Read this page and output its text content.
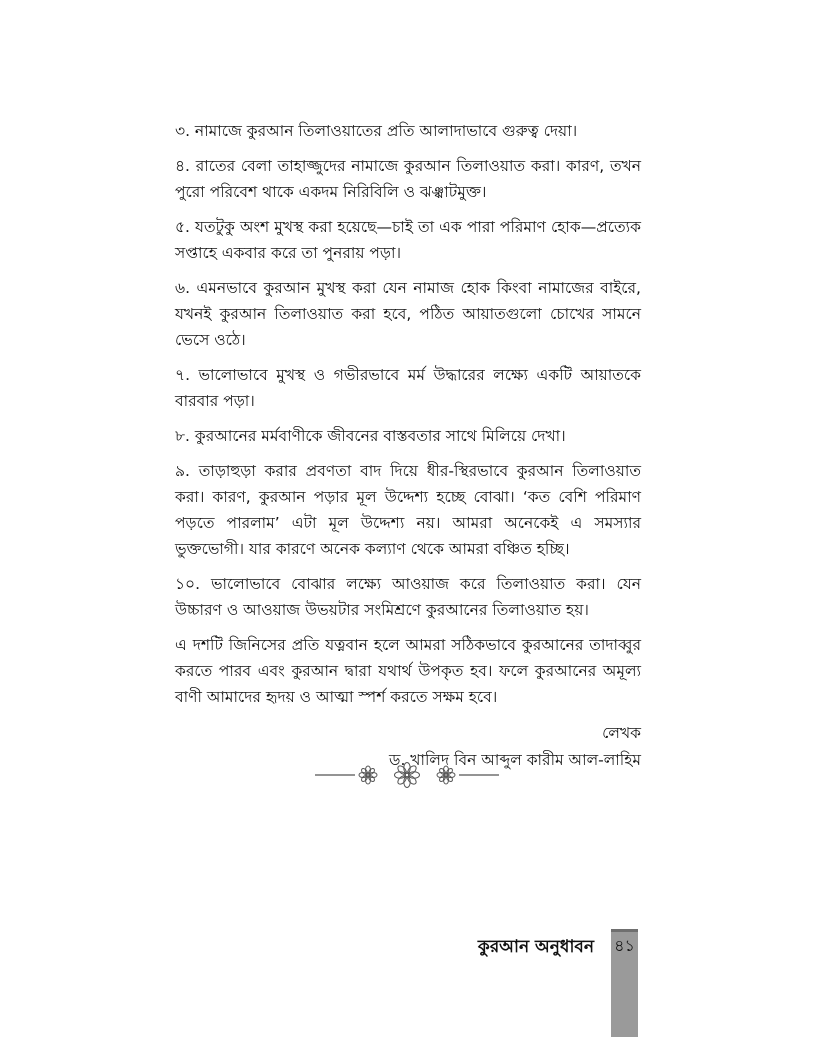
৩. নামাজে কুরআন তিলাওয়াতের প্রতি আলাদাভাবে গুরুত্ব দেয়া।

৪. রাতের বেলা তাহাজ্জুদের নামাজে কুরআন তিলাওয়াত করা। কারণ, তখন পুরো পরিবেশ থাকে একদম নিরিবিলি ও ঝঞ্ঝাটমুক্ত।

৫. যতটুকু অংশ মুখস্থ করা হয়েছে—চাই তা এক পারা পরিমাণ হোক—প্রত্যেক সপ্তাহে একবার করে তা পুনরায় পড়া।

৬. এমনভাবে কুরআন মুখস্থ করা যেন নামাজ হোক কিংবা নামাজের বাইরে, যখনই কুরআন তিলাওয়াত করা হবে, পঠিত আয়াতগুলো চোখের সামনে ভেসে ওঠে।

৭. ভালোভাবে মুখস্থ ও গভীরভাবে মর্ম উদ্ধারের লক্ষ্যে একটি আয়াতকে বারবার পড়া।

৮. কুরআনের মর্মবাণীকে জীবনের বাস্তবতার সাথে মিলিয়ে দেখা।

৯. তাড়াহুড়া করার প্রবণতা বাদ দিয়ে ধীর-স্থিরভাবে কুরআন তিলাওয়াত করা। কারণ, কুরআন পড়ার মূল উদ্দেশ্য হচ্ছে বোঝা। ‘কত বেশি পরিমাণ পড়তে পারলাম’ এটা মূল উদ্দেশ্য নয়। আমরা অনেকেই এ সমস্যার ভুক্তভোগী। যার কারণে অনেক কল্যাণ থেকে আমরা বঞ্চিত হচ্ছি।

১০. ভালোভাবে বোঝার লক্ষ্যে আওয়াজ করে তিলাওয়াত করা। যেন উচ্চারণ ও আওয়াজ উভয়টার সংমিশ্রণে কুরআনের তিলাওয়াত হয়।

এ দশটি জিনিসের প্রতি যত্নবান হলে আমরা সঠিকভাবে কুরআনের তাদাব্বুর করতে পারব এবং কুরআন দ্বারা যথার্থ উপকৃত হব। ফলে কুরআনের অমূল্য বাণী আমাদের হৃদয় ও আত্মা স্পর্শ করতে সক্ষম হবে।

লেখক
ড. খালিদ বিন আব্দুল কারীম আল-লাহিম
কুরআন অনুধাবন ৪১
